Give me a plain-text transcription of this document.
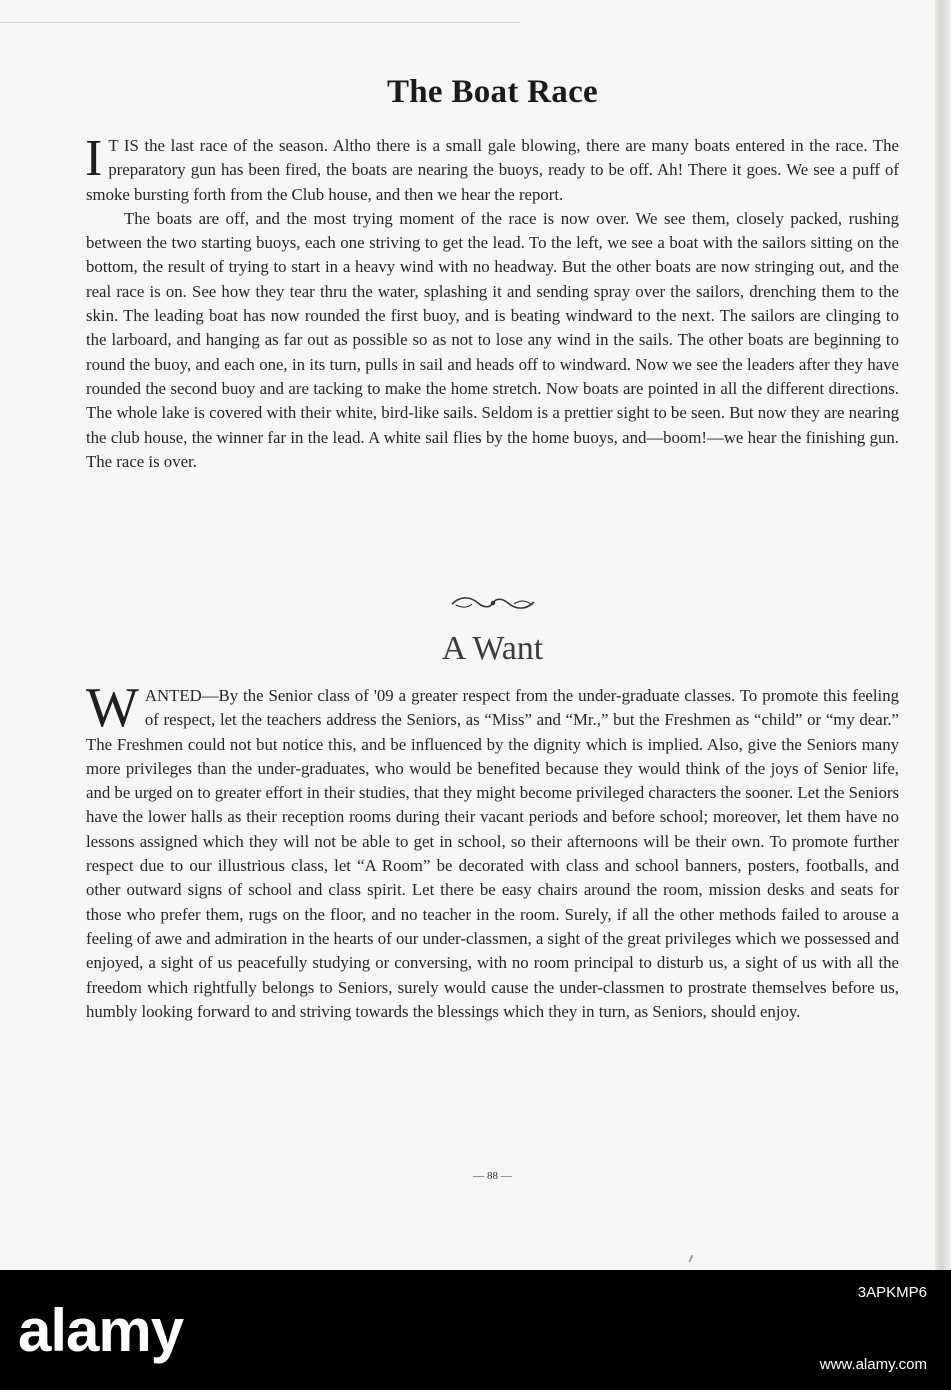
The Boat Race

I T IS the last race of the season. Altho there is a small gale blowing, there are many boats entered in the race. The preparatory gun has been fired, the boats are nearing the buoys, ready to be off. Ah! There it goes. We see a puff of smoke bursting forth from the Club house, and then we hear the report.

The boats are off, and the most trying moment of the race is now over. We see them, closely packed, rushing between the two starting buoys, each one striving to get the lead. To the left, we see a boat with the sailors sitting on the bottom, the result of trying to start in a heavy wind with no headway. But the other boats are now stringing out, and the real race is on. See how they tear thru the water, splashing it and sending spray over the sailors, drenching them to the skin. The leading boat has now rounded the first buoy, and is beating windward to the next. The sailors are clinging to the larboard, and hanging as far out as possible so as not to lose any wind in the sails. The other boats are beginning to round the buoy, and each one, in its turn, pulls in sail and heads off to windward. Now we see the leaders after they have rounded the second buoy and are tacking to make the home stretch. Now boats are pointed in all the different directions. The whole lake is covered with their white, bird-like sails. Seldom is a prettier sight to be seen. But now they are nearing the club house, the winner far in the lead. A white sail flies by the home buoys, and—boom!—we hear the finishing gun. The race is over.

A Want

WANTED—By the Senior class of '09 a greater respect from the under-graduate classes. To promote this feeling of respect, let the teachers address the Seniors, as “Miss” and “Mr.,” but the Freshmen as “child” or “my dear.” The Freshmen could not but notice this, and be influenced by the dignity which is implied. Also, give the Seniors many more privileges than the under-graduates, who would be benefited because they would think of the joys of Senior life, and be urged on to greater effort in their studies, that they might become privileged characters the sooner. Let the Seniors have the lower halls as their reception rooms during their vacant periods and before school; moreover, let them have no lessons assigned which they will not be able to get in school, so their afternoons will be their own. To promote further respect due to our illustrious class, let “A Room” be decorated with class and school banners, posters, footballs, and other outward signs of school and class spirit. Let there be easy chairs around the room, mission desks and seats for those who prefer them, rugs on the floor, and no teacher in the room. Surely, if all the other methods failed to arouse a feeling of awe and admiration in the hearts of our under-classmen, a sight of the great privileges which we possessed and enjoyed, a sight of us peacefully studying or conversing, with no room principal to disturb us, a sight of us with all the freedom which rightfully belongs to Seniors, surely would cause the under-classmen to prostrate themselves before us, humbly looking forward to and striving towards the blessings which they in turn, as Seniors, should enjoy.

— 88 —
alamy
3APKMP6
www.alamy.com
